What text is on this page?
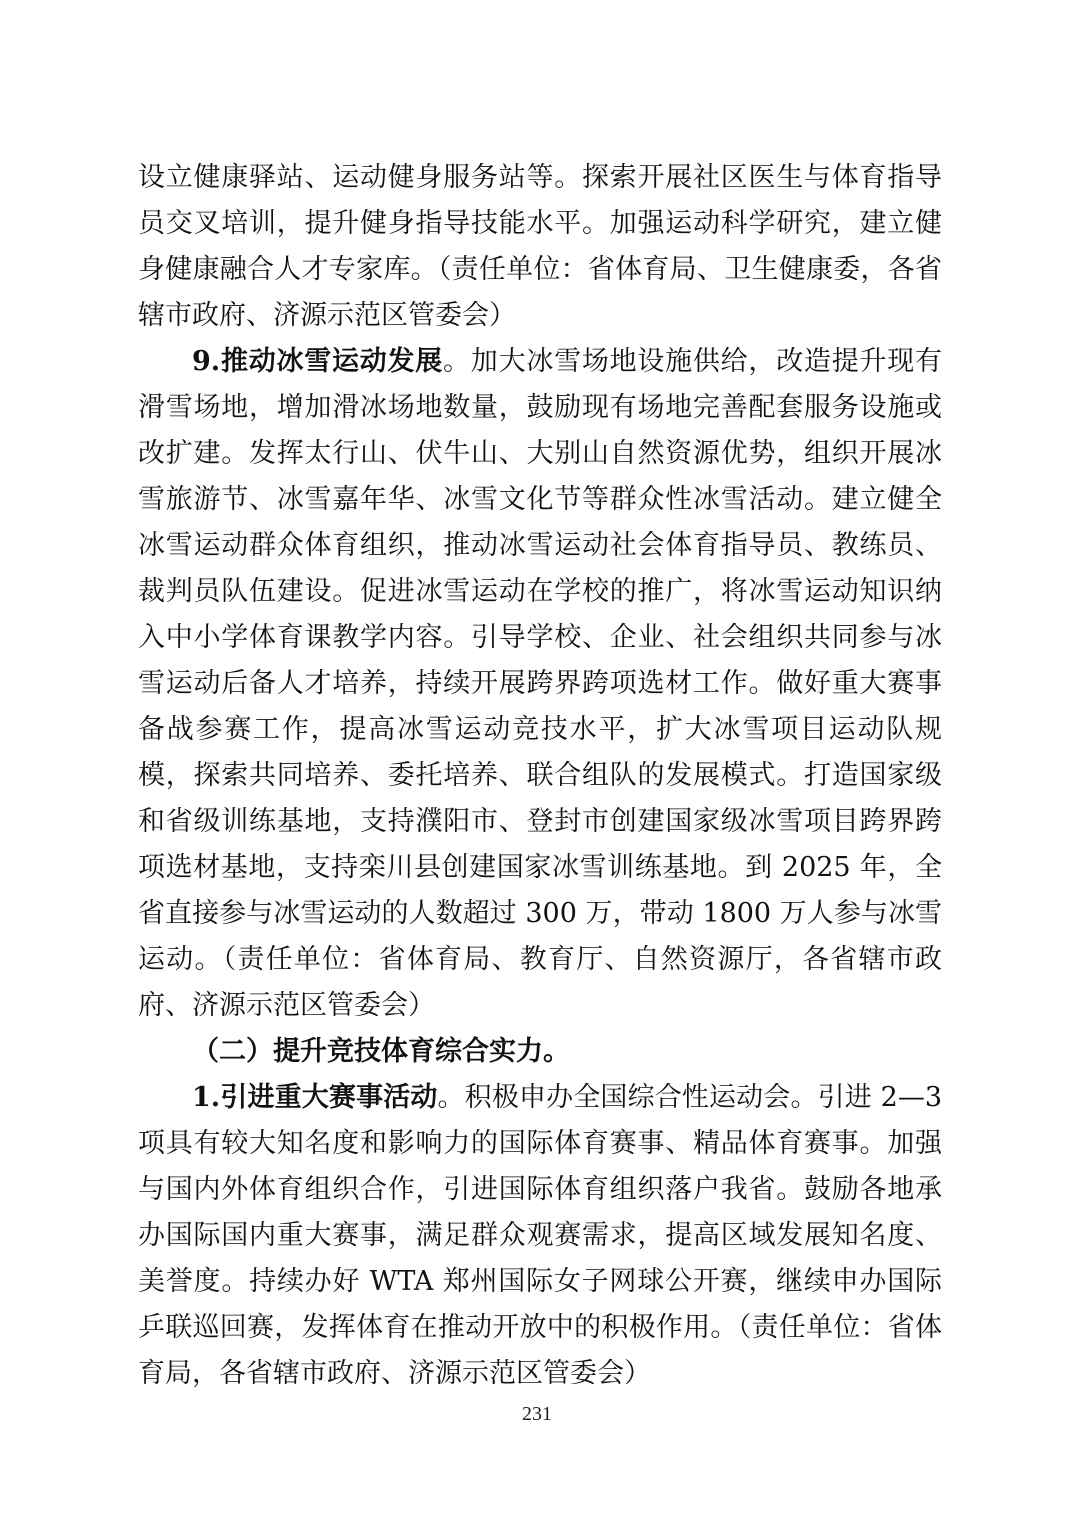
设立健康驿站、运动健身服务站等。探索开展社区医生与体育指导员交叉培训，提升健身指导技能水平。加强运动科学研究，建立健身健康融合人才专家库。（责任单位：省体育局、卫生健康委，各省辖市政府、济源示范区管委会）

9.推动冰雪运动发展。加大冰雪场地设施供给，改造提升现有滑雪场地，增加滑冰场地数量，鼓励现有场地完善配套服务设施或改扩建。发挥太行山、伏牛山、大别山自然资源优势，组织开展冰雪旅游节、冰雪嘉年华、冰雪文化节等群众性冰雪活动。建立健全冰雪运动群众体育组织，推动冰雪运动社会体育指导员、教练员、裁判员队伍建设。促进冰雪运动在学校的推广，将冰雪运动知识纳入中小学体育课教学内容。引导学校、企业、社会组织共同参与冰雪运动后备人才培养，持续开展跨界跨项选材工作。做好重大赛事备战参赛工作，提高冰雪运动竞技水平，扩大冰雪项目运动队规模，探索共同培养、委托培养、联合组队的发展模式。打造国家级和省级训练基地，支持濮阳市、登封市创建国家级冰雪项目跨界跨项选材基地，支持栾川县创建国家冰雪训练基地。到 2025 年，全省直接参与冰雪运动的人数超过 300 万，带动 1800 万人参与冰雪运动。（责任单位：省体育局、教育厅、自然资源厅，各省辖市政府、济源示范区管委会）

（二）提升竞技体育综合实力。

1.引进重大赛事活动。积极申办全国综合性运动会。引进 2—3 项具有较大知名度和影响力的国际体育赛事、精品体育赛事。加强与国内外体育组织合作，引进国际体育组织落户我省。鼓励各地承办国际国内重大赛事，满足群众观赛需求，提高区域发展知名度、美誉度。持续办好 WTA 郑州国际女子网球公开赛，继续申办国际乒联巡回赛，发挥体育在推动开放中的积极作用。（责任单位：省体育局，各省辖市政府、济源示范区管委会）

231
